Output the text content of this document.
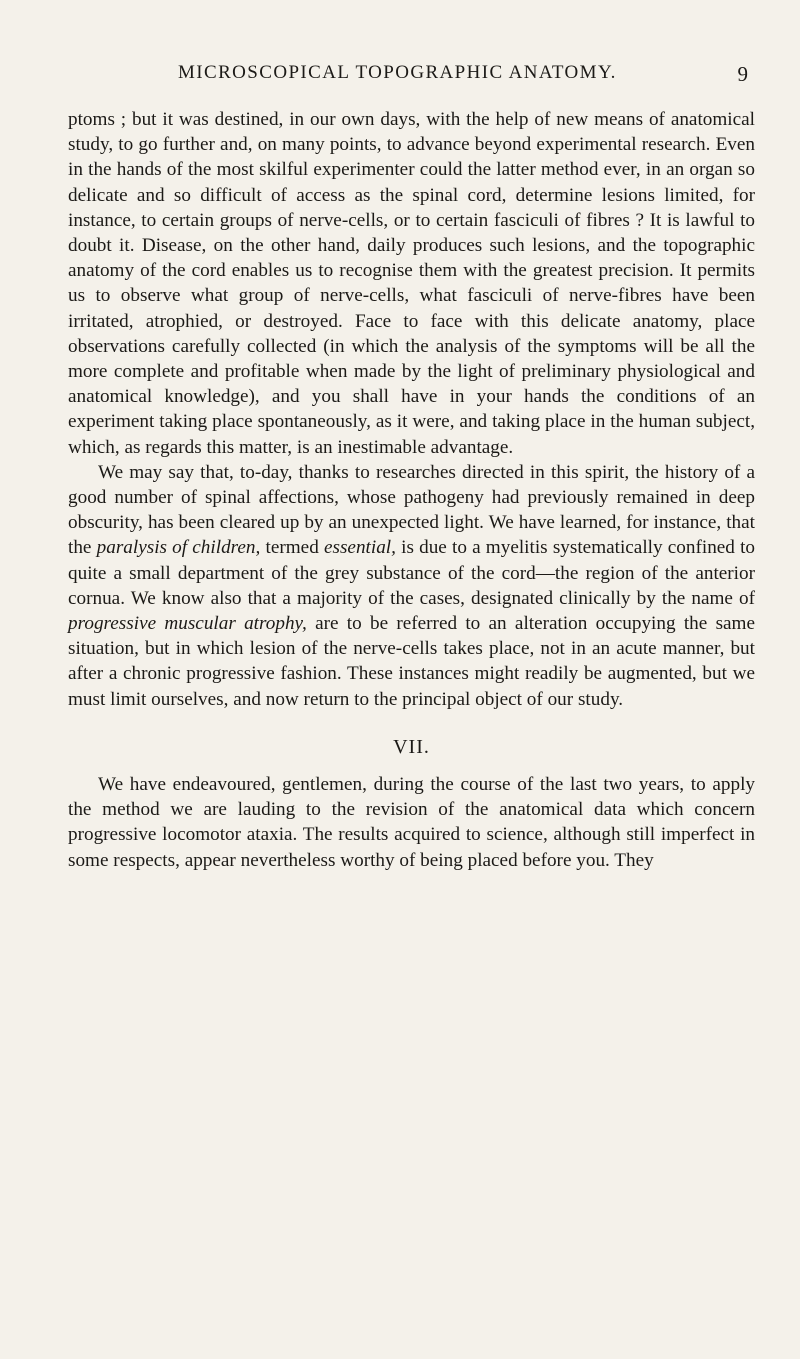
MICROSCOPICAL TOPOGRAPHIC ANATOMY.	9

ptoms ; but it was destined, in our own days, with the help of new means of anatomical study, to go further and, on many points, to advance beyond experimental research. Even in the hands of the most skilful experimenter could the latter method ever, in an organ so delicate and so difficult of access as the spinal cord, determine lesions limited, for instance, to certain groups of nerve-cells, or to certain fasciculi of fibres ? It is lawful to doubt it. Disease, on the other hand, daily produces such lesions, and the topographic anatomy of the cord enables us to recognise them with the greatest precision. It permits us to observe what group of nerve-cells, what fasciculi of nerve-fibres have been irritated, atrophied, or destroyed. Face to face with this delicate anatomy, place observations carefully collected (in which the analysis of the symptoms will be all the more complete and profitable when made by the light of preliminary physiological and anatomical knowledge), and you shall have in your hands the conditions of an experiment taking place spontaneously, as it were, and taking place in the human subject, which, as regards this matter, is an inestimable advantage.

We may say that, to-day, thanks to researches directed in this spirit, the history of a good number of spinal affections, whose pathogeny had previously remained in deep obscurity, has been cleared up by an unexpected light. We have learned, for instance, that the paralysis of children, termed essential, is due to a myelitis systematically confined to quite a small department of the grey substance of the cord—the region of the anterior cornua. We know also that a majority of the cases, designated clinically by the name of progressive muscular atrophy, are to be referred to an alteration occupying the same situation, but in which lesion of the nerve-cells takes place, not in an acute manner, but after a chronic progressive fashion. These instances might readily be augmented, but we must limit ourselves, and now return to the principal object of our study.

VII.

We have endeavoured, gentlemen, during the course of the last two years, to apply the method we are lauding to the revision of the anatomical data which concern progressive locomotor ataxia. The results acquired to science, although still imperfect in some respects, appear nevertheless worthy of being placed before you. They
